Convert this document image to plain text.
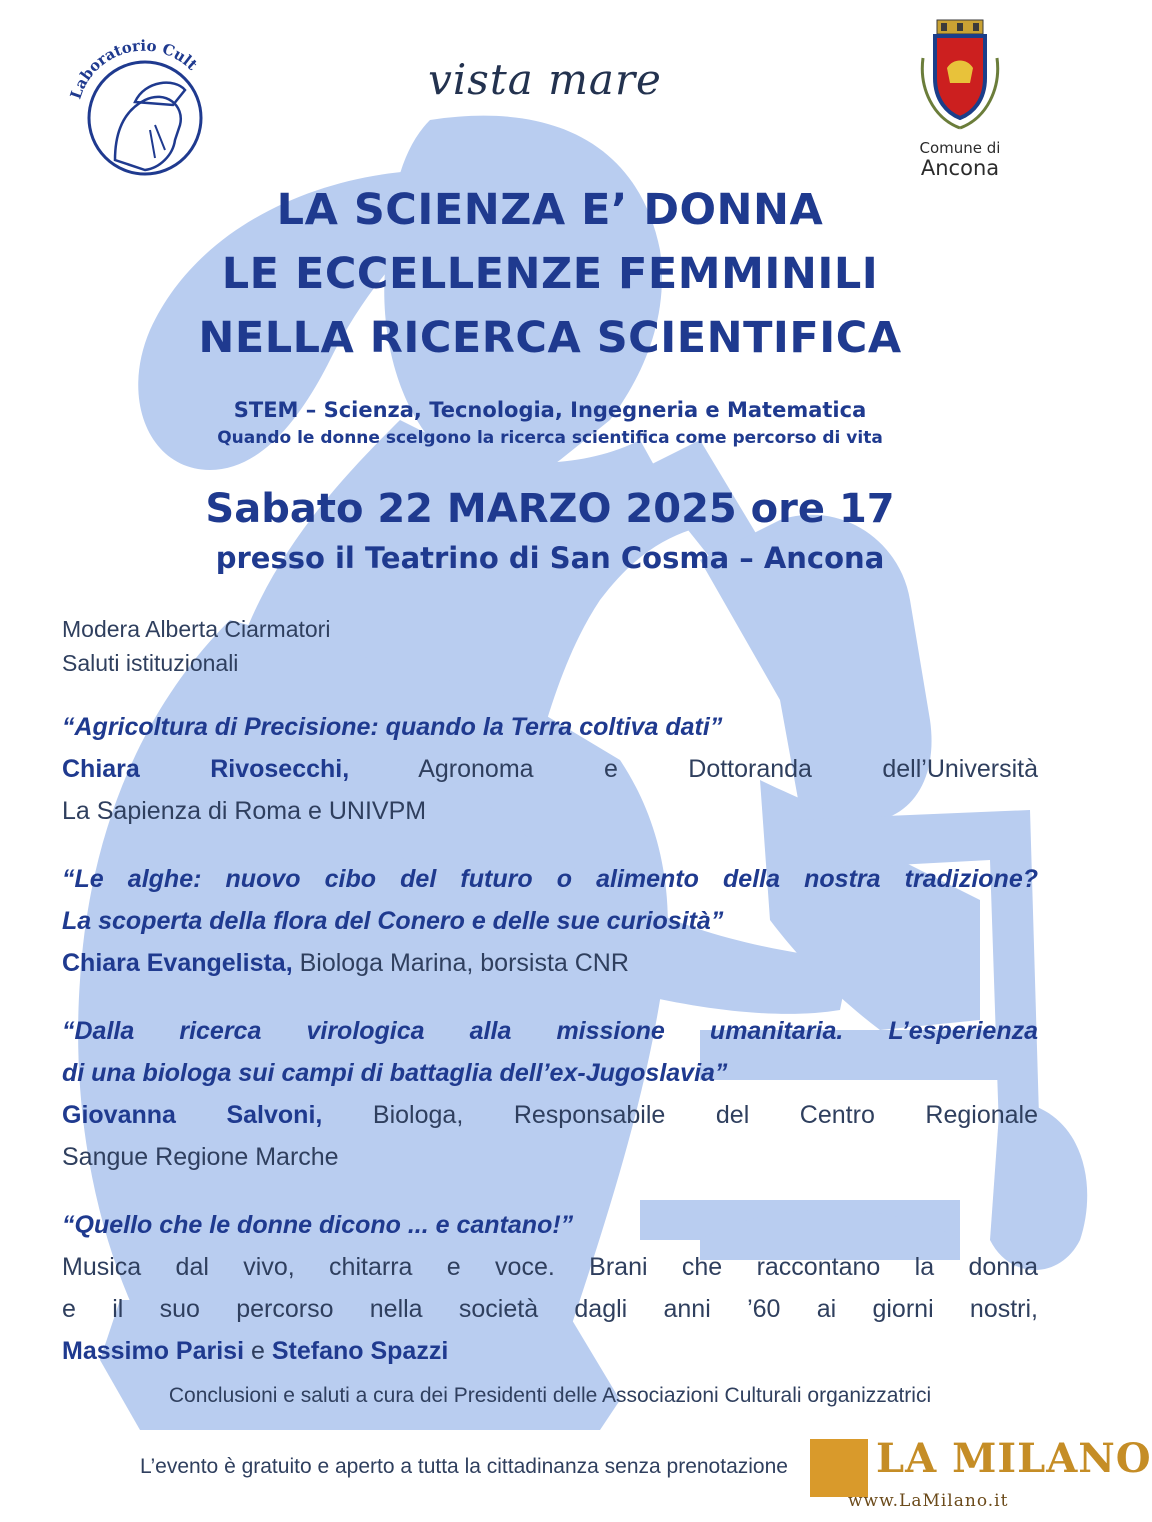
Laboratorio Cult	vista mare
Comune di
Ancona
LA SCIENZA E’ DONNA
LE ECCELLENZE FEMMINILI
NELLA RICERCA SCIENTIFICA
STEM – Scienza, Tecnologia, Ingegneria e Matematica
Quando le donne scelgono la ricerca scientifica come percorso di vita
Sabato 22 MARZO 2025 ore 17
presso il Teatrino di San Cosma – Ancona
Modera Alberta Ciarmatori
Saluti istituzionali
“Agricoltura di Precisione: quando la Terra coltiva dati”
Chiara Rivosecchi,	Agronoma e Dottoranda dell’Università
La Sapienza di Roma e UNIVPM
“Le alghe: nuovo cibo del futuro o alimento della nostra tradizione?
La scoperta della flora del Conero e delle sue curiosità”
Chiara Evangelista, Biologa Marina, borsista CNR
“Dalla ricerca virologica alla missione umanitaria. L’esperienza
di una biologa sui campi di battaglia dell’ex-Jugoslavia”
Giovanna Salvoni, Biologa, Responsabile del Centro Regionale
Sangue Regione Marche
“Quello che le donne dicono ... e cantano!”
Musica dal vivo, chitarra e voce. Brani che raccontano la donna
e il suo percorso nella società dagli anni ’60 ai giorni nostri,
Massimo Parisi e Stefano Spazzi
Conclusioni e saluti a cura dei Presidenti delle Associazioni Culturali organizzatrici
L’evento è gratuito e aperto a tutta la cittadinanza senza prenotazione	LA MILANO
www.LaMilano.it
